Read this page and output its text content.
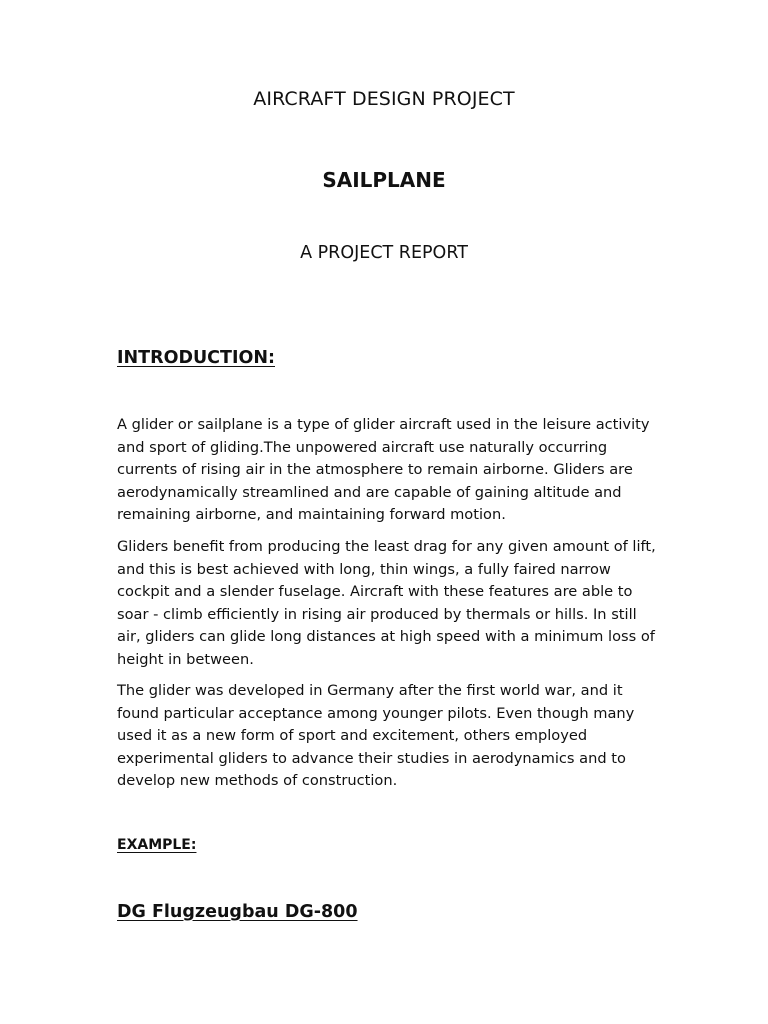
AIRCRAFT DESIGN PROJECT
SAILPLANE
A PROJECT REPORT
INTRODUCTION:

A glider or sailplane is a type of glider aircraft used in the leisure activity
and sport of gliding.The unpowered aircraft use naturally occurring
currents of rising air in the atmosphere to remain airborne. Gliders are
aerodynamically streamlined and are capable of gaining altitude and
remaining airborne, and maintaining forward motion.

Gliders benefit from producing the least drag for any given amount of lift,
and this is best achieved with long, thin wings, a fully faired narrow
cockpit and a slender fuselage. Aircraft with these features are able to
soar - climb efficiently in rising air produced by thermals or hills. In still
air, gliders can glide long distances at high speed with a minimum loss of
height in between.

The glider was developed in Germany after the first world war, and it
found particular acceptance among younger pilots. Even though many
used it as a new form of sport and excitement, others employed
experimental gliders to advance their studies in aerodynamics and to
develop new methods of construction.

EXAMPLE:
DG Flugzeugbau DG-800
